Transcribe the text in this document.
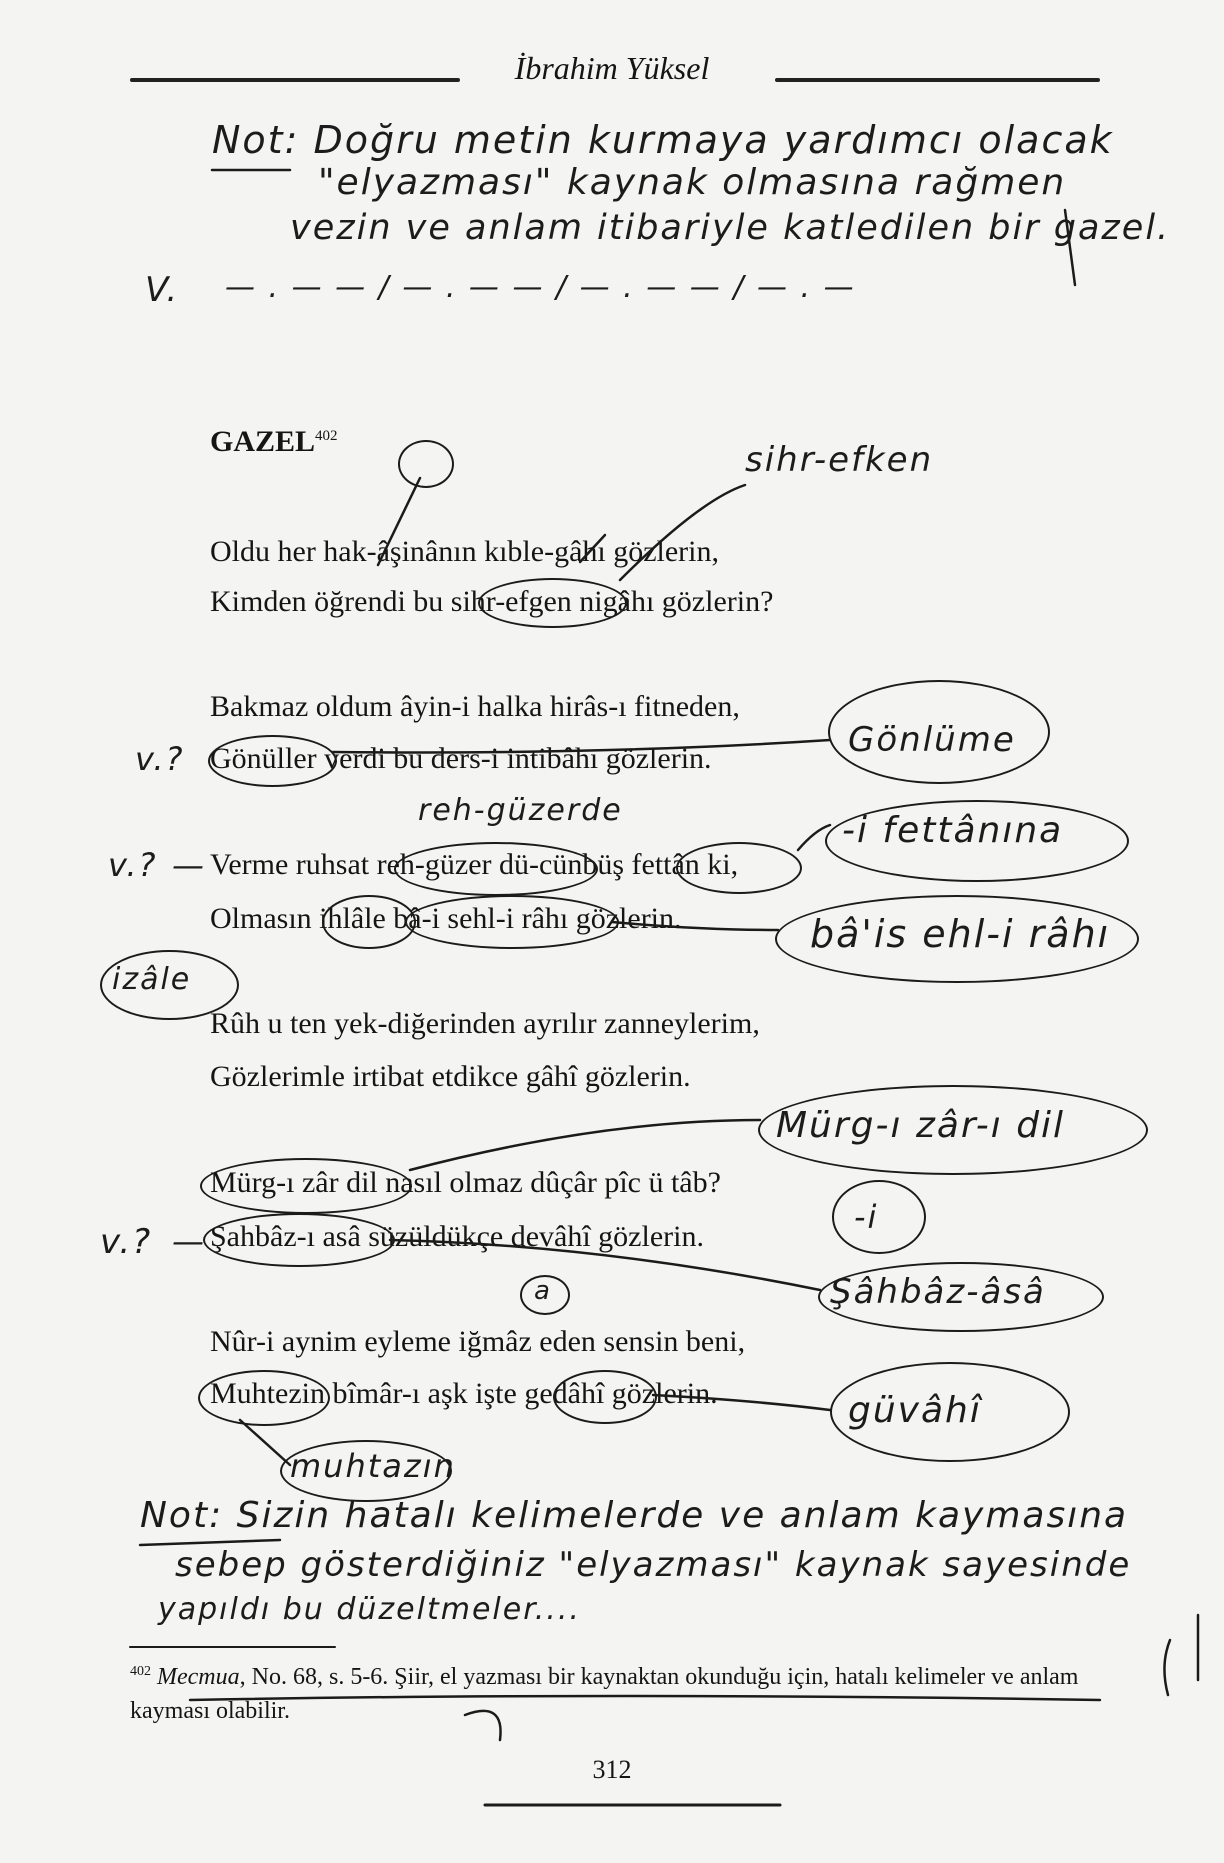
İbrahim Yüksel
Not: Doğru metin kurmaya yardımcı olacak
"elyazması" kaynak olmasına rağmen
vezin ve anlam itibariyle katledilen bir gazel.
V. — . — — / — . — — / — . — — / — . —
GAZEL$^{402}$
Oldu her hak-âşinânın kıble-gâhı gözlerin,
Kimden öğrendi bu sihr-efgen nigâhı gözlerin?
Bakmaz oldum âyin-i halka hirâs-ı fitneden,
Gönüller verdi bu ders-i intibâhı gözlerin.
Verme ruhsat reh-güzer dü-cünbüş fettân ki,
Olmasın ihlâle bâ-i sehl-i râhı gözlerin.
Rûh u ten yek-diğerinden ayrılır zanneylerim,
Gözlerimle irtibat etdikce gâhî gözlerin.
Mürg-ı zâr dil nasıl olmaz dûçâr pîc ü tâb?
Şahbâz-ı asâ süzüldükçe devâhî gözlerin.
Nûr-i aynim eyleme iğmâz eden sensin beni,
Muhtezin bîmâr-ı aşk işte gedâhî gözlerin.
sihr-efken
Gönlüme
reh-güzerde	-i fettânına
bâ'is ehl-i râhı
izâle
Mürg-ı zâr-ı dil
-i
Şâhbâz-âsâ
a
güvâhî
muhtazın
v.?
v.? —
v.? —
Not: Sizin hatalı kelimelerde ve anlam kaymasına
sebep gösterdiğiniz "elyazması" kaynak sayesinde
yapıldı bu düzeltmeler....
$^{402}$ Mecmua, No. 68, s. 5-6. Şiir, el yazması bir kaynaktan okunduğu için, hatalı kelimeler ve anlam kayması olabilir.
312
